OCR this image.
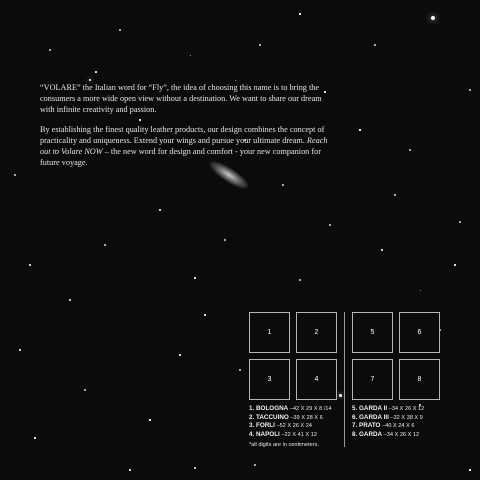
“VOLARE” the Italian word for “Fly”, the idea of choosing this name is to bring the consumers a more wide open view without a destination. We want to share our dream with infinite creativity and passion.

By establishing the finest quality leather products, our design combines the concept of practicality and uniqueness. Extend your wings and pursue your ultimate dream. Reach out to Volare NOW – the new word for design and comfort - your new companion for future voyage.

1	2	5	6
3	4	7	8
1. BOLOGNA –42 X 29 X 8 /14
2. TACCUINO –39 X 28 X 6
3. FORLI –52 X 26 X 24
4. NAPOLI –22 X 41 X 12
5. GARDA II –34 X 26 X 12
6. GARDA III –32 X 38 X 9
7. PRATO –40 X 24 X 6
8. GARDA –34 X 26 X 12
*all digits are in centimeters.
